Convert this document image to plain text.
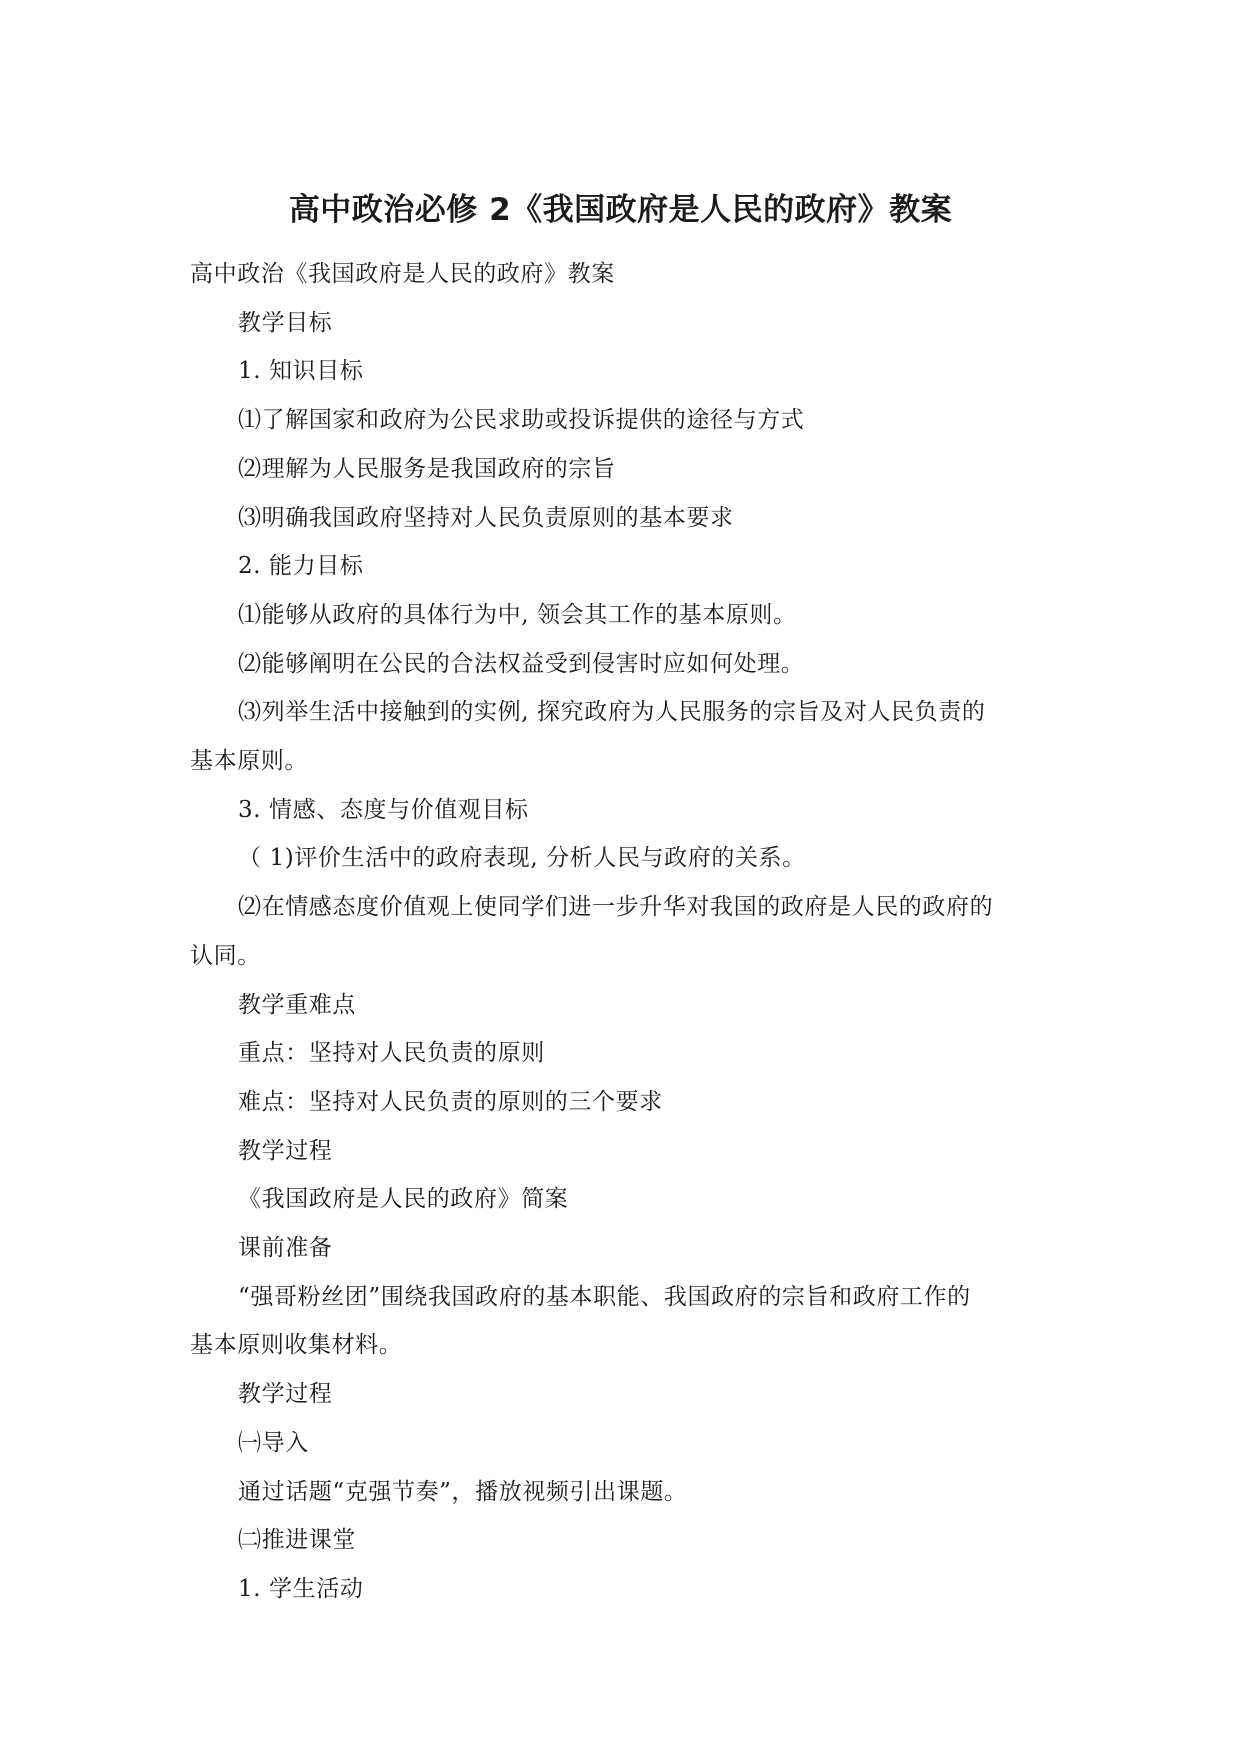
高中政治必修 2《我国政府是人民的政府》教案

高中政治《我国政府是人民的政府》教案

教学目标

1. 知识目标

⑴了解国家和政府为公民求助或投诉提供的途径与方式

⑵理解为人民服务是我国政府的宗旨

⑶明确我国政府坚持对人民负责原则的基本要求

2. 能力目标

⑴能够从政府的具体行为中, 领会其工作的基本原则。

⑵能够阐明在公民的合法权益受到侵害时应如何处理。

⑶列举生活中接触到的实例, 探究政府为人民服务的宗旨及对人民负责的

基本原则。

3. 情感、态度与价值观目标

（ 1)评价生活中的政府表现, 分析人民与政府的关系。

⑵在情感态度价值观上使同学们进一步升华对我国的政府是人民的政府的

认同。

教学重难点

重点：坚持对人民负责的原则

难点：坚持对人民负责的原则的三个要求

教学过程

《我国政府是人民的政府》简案

课前准备

“强哥粉丝团”围绕我国政府的基本职能、我国政府的宗旨和政府工作的

基本原则收集材料。

教学过程

㈠导入

通过话题“克强节奏”，播放视频引出课题。

㈡推进课堂

1. 学生活动
